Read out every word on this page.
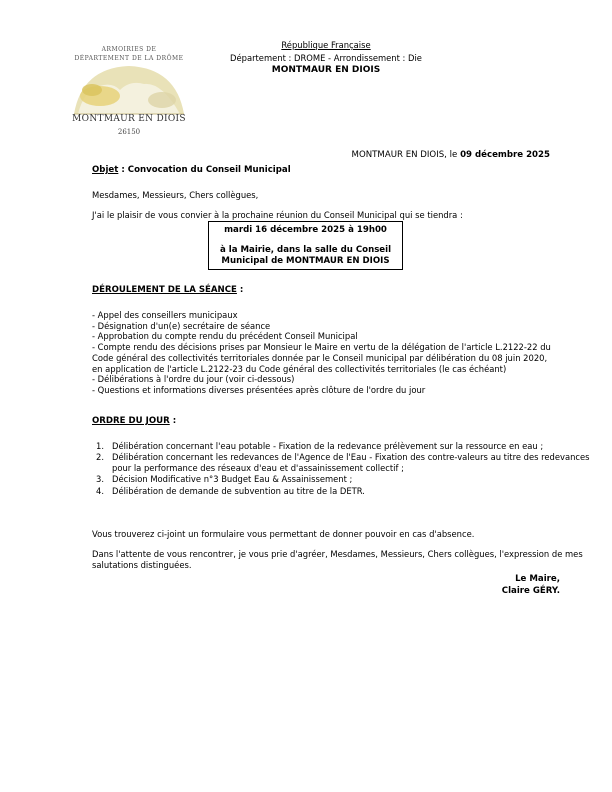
ARMOIRIES DE
DÉPARTEMENT DE LA DRÔME
MONTMAUR EN DIOIS
26150
République Française
Département : DROME - Arrondissement : Die
MONTMAUR EN DIOIS
MONTMAUR EN DIOIS, le 09 décembre 2025
Objet : Convocation du Conseil Municipal
Mesdames, Messieurs, Chers collègues,
J'ai le plaisir de vous convier à la prochaine réunion du Conseil Municipal qui se tiendra :
mardi 16 décembre 2025 à 19h00
à la Mairie, dans la salle du Conseil
Municipal de MONTMAUR EN DIOIS
DÉROULEMENT DE LA SÉANCE :
- Appel des conseillers municipaux
- Désignation d'un(e) secrétaire de séance
- Approbation du compte rendu du précédent Conseil Municipal
- Compte rendu des décisions prises par Monsieur le Maire en vertu de la délégation de l'article L.2122-22 du
Code général des collectivités territoriales donnée par le Conseil municipal par délibération du 08 juin 2020,
en application de l'article L.2122-23 du Code général des collectivités territoriales (le cas échéant)
- Délibérations à l'ordre du jour (voir ci-dessous)
- Questions et informations diverses présentées après clôture de l'ordre du jour
ORDRE DU JOUR :
1. Délibération concernant l'eau potable - Fixation de la redevance prélèvement sur la ressource en eau ;
2. Délibération concernant les redevances de l'Agence de l'Eau - Fixation des contre-valeurs au titre des redevances
pour la performance des réseaux d'eau et d'assainissement collectif ;
3. Décision Modificative n°3 Budget Eau & Assainissement ;
4. Délibération de demande de subvention au titre de la DETR.
Vous trouverez ci-joint un formulaire vous permettant de donner pouvoir en cas d'absence.
Dans l'attente de vous rencontrer, je vous prie d'agréer, Mesdames, Messieurs, Chers collègues, l'expression de mes
salutations distinguées.
Le Maire,
Claire GÉRY.
